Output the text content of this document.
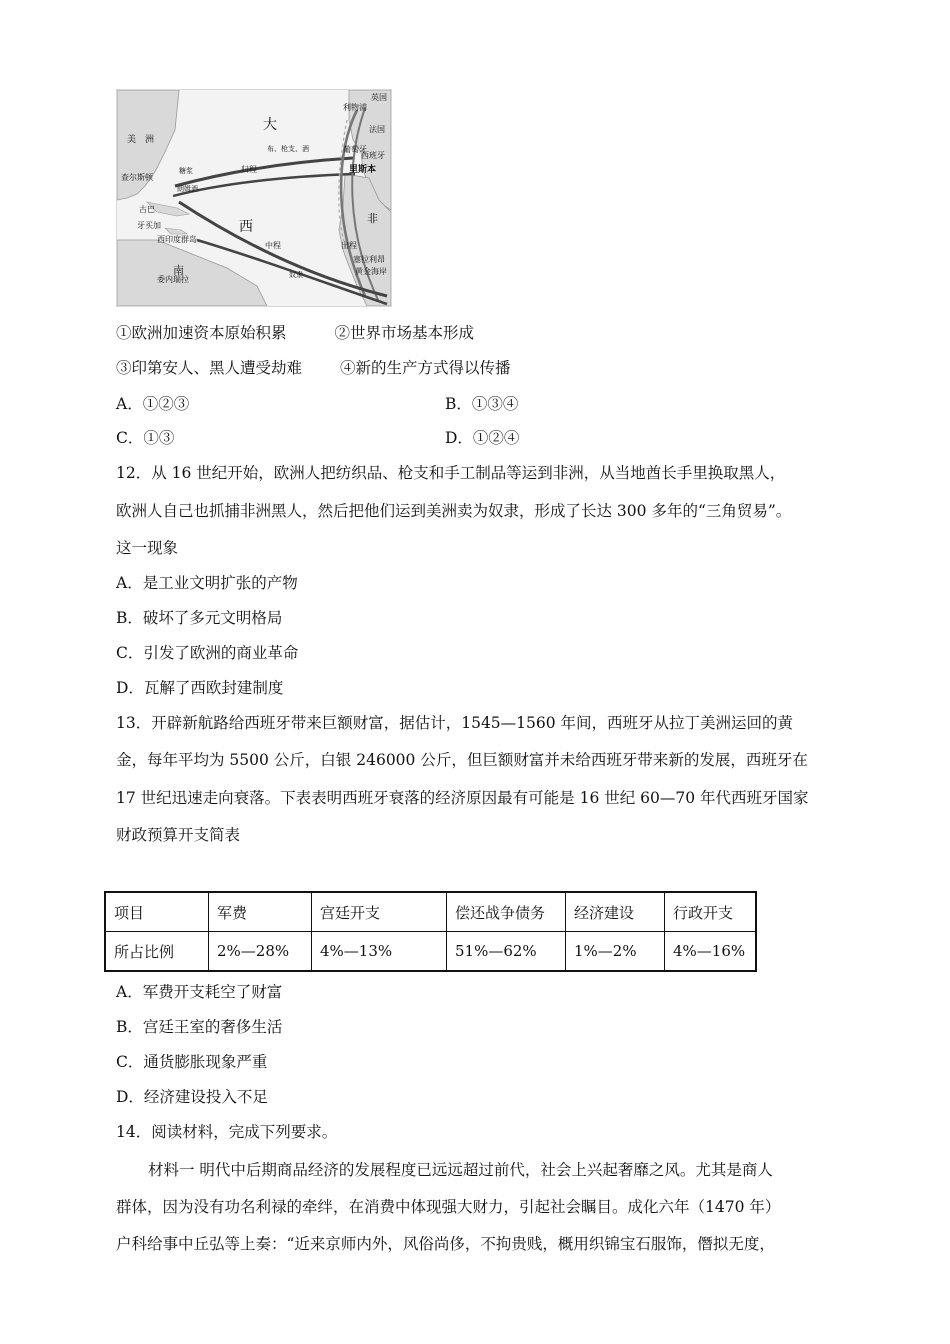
美　洲
大
西
南
非
英国
利物浦
法国
葡萄牙
西班牙
里斯本
查尔斯顿
古巴
牙买加
西印度群岛
委内瑞拉
塞拉利昂
黄金海岸
糖浆
朗姆酒
归程
中程	出程
奴隶
布、枪支、酒
①欧洲加速资本原始积累	②世界市场基本形成
③印第安人、黑人遭受劫难 ④新的生产方式得以传播
A．①②③	B．①③④
C．①③	D．①②④
12．从 16 世纪开始，欧洲人把纺织品、枪支和手工制品等运到非洲，从当地酋长手里换取黑人，
欧洲人自己也抓捕非洲黑人，然后把他们运到美洲卖为奴隶，形成了长达 300 多年的“三角贸易”。
这一现象
A．是工业文明扩张的产物
B．破坏了多元文明格局
C．引发了欧洲的商业革命
D．瓦解了西欧封建制度
13．开辟新航路给西班牙带来巨额财富，据估计，1545—1560 年间，西班牙从拉丁美洲运回的黄
金，每年平均为 5500 公斤，白银 246000 公斤，但巨额财富并未给西班牙带来新的发展，西班牙在
17 世纪迅速走向衰落。下表表明西班牙衰落的经济原因最有可能是 16 世纪 60—70 年代西班牙国家
财政预算开支简表
项目	军费	宫廷开支	偿还战争债务	经济建设	行政开支
所占比例	2%—28%	4%—13%	51%—62%	1%—2%	4%—16%
A．军费开支耗空了财富
B．宫廷王室的奢侈生活
C．通货膨胀现象严重
D．经济建设投入不足
14．阅读材料，完成下列要求。
材料一 明代中后期商品经济的发展程度已远远超过前代，社会上兴起奢靡之风。尤其是商人
群体，因为没有功名利禄的牵绊，在消费中体现强大财力，引起社会瞩目。成化六年（1470 年）
户科给事中丘弘等上奏：“近来京师内外，风俗尚侈，不拘贵贱，概用织锦宝石服饰，僭拟无度，
